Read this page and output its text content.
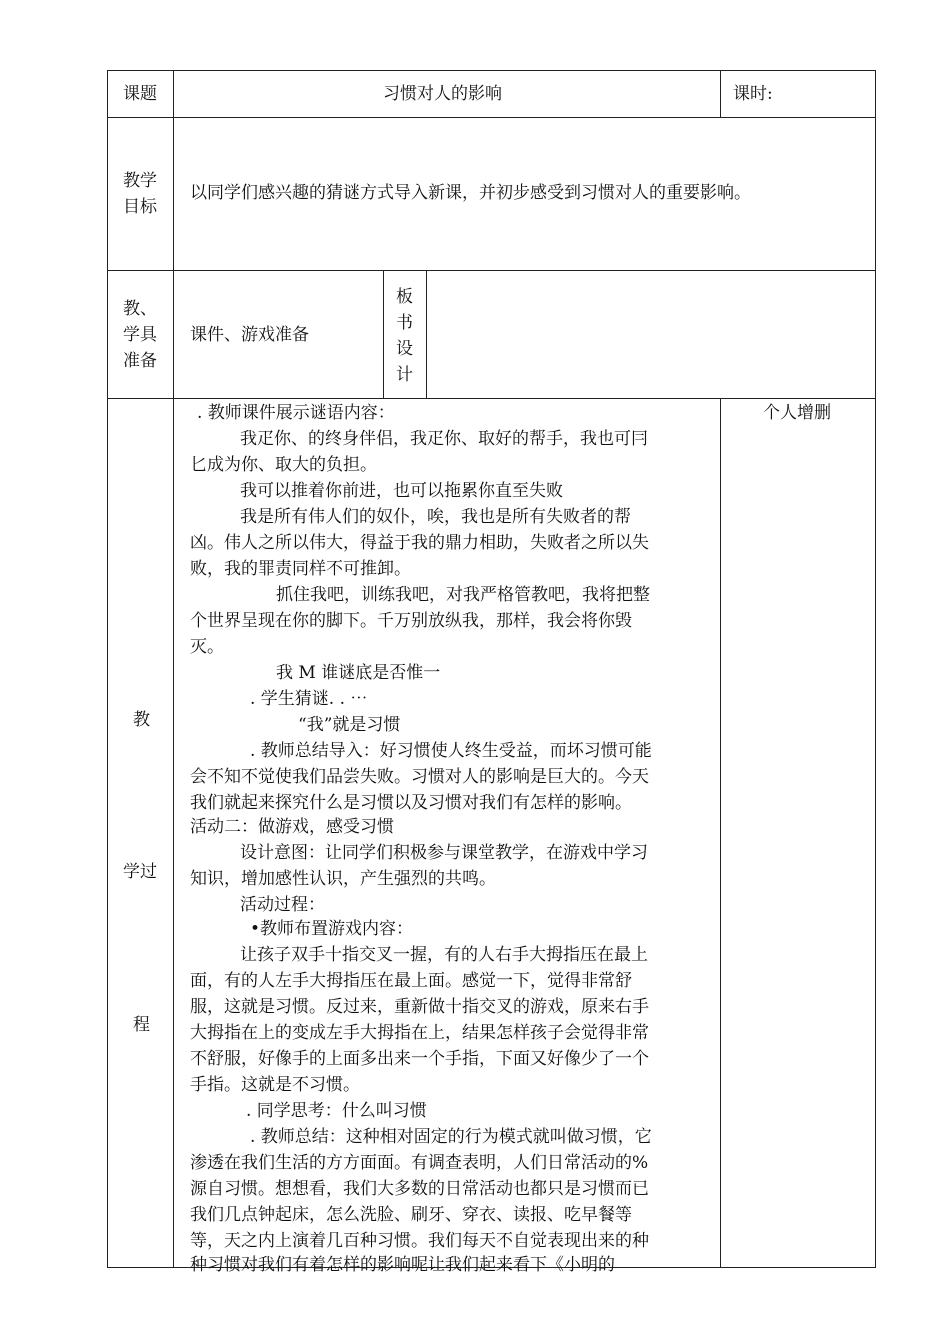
课题	习惯对人的影响	课时:
教学
目标
以同学们感兴趣的猜谜方式导入新课，并初步感受到习惯对人的重要影响。
教、
学具
准备
课件、游戏准备
板
书
设
计
教
学过
程
个人增删
. 教师课件展示谜语内容：
我疋你、的终身伴侣，我疋你、取好的帮手，我也可冃
匕成为你、取大的负担。
我可以推着你前进，也可以拖累你直至失败
我是所有伟人们的奴仆，唉，我也是所有失败者的帮
凶。伟人之所以伟大，得益于我的鼎力相助，失败者之所以失
败，我的罪责同样不可推卸。
抓住我吧，训练我吧，对我严格管教吧，我将把整
个世界呈现在你的脚下。千万别放纵我，那样，我会将你毁
灭。
我 M 谁谜底是否惟一
. 学生猜谜. . ⋯
“我”就是习惯
. 教师总结导入：好习惯使人终生受益，而坏习惯可能
会不知不觉使我们品尝失败。习惯对人的影响是巨大的。今天
我们就起来探究什么是习惯以及习惯对我们有怎样的影响。
活动二：做游戏，感受习惯
设计意图：让同学们积极参与课堂教学，在游戏中学习
知识，增加感性认识，产生强烈的共鸣。
活动过程：
•教师布置游戏内容：
让孩子双手十指交叉一握，有的人右手大拇指压在最上
面，有的人左手大拇指压在最上面。感觉一下，觉得非常舒
服，这就是习惯。反过来，重新做十指交叉的游戏，原来右手
大拇指在上的变成左手大拇指在上，结果怎样孩子会觉得非常
不舒服，好像手的上面多出来一个手指，下面又好像少了一个
手指。这就是不习惯。
. 同学思考：什么叫习惯
. 教师总结：这种相对固定的行为模式就叫做习惯，它
渗透在我们生活的方方面面。有调查表明，人们日常活动的%
源自习惯。想想看，我们大多数的日常活动也都只是习惯而已
我们几点钟起床，怎么洗脸、刷牙、穿衣、读报、吃早餐等
等，天之内上演着几百种习惯。我们每天不自觉表现出来的种
种习惯对我们有着怎样的影响呢让我们起来看下《小明的
